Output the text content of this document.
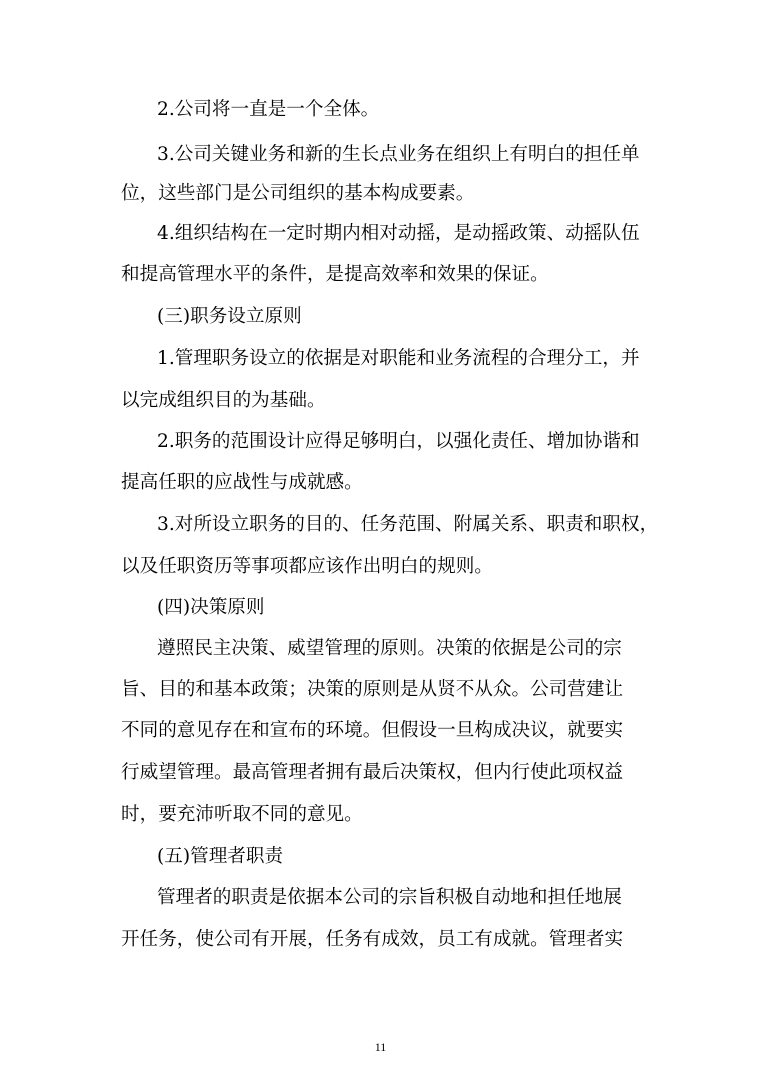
2.公司将一直是一个全体。
3.公司关键业务和新的生长点业务在组织上有明白的担任单
位，这些部门是公司组织的基本构成要素。
4.组织结构在一定时期内相对动摇，是动摇政策、动摇队伍
和提高管理水平的条件，是提高效率和效果的保证。
(三)职务设立原则
1.管理职务设立的依据是对职能和业务流程的合理分工，并
以完成组织目的为基础。
2.职务的范围设计应得足够明白，以强化责任、增加协谐和
提高任职的应战性与成就感。
3.对所设立职务的目的、任务范围、附属关系、职责和职权，
以及任职资历等事项都应该作出明白的规则。
(四)决策原则
遵照民主决策、威望管理的原则。决策的依据是公司的宗
旨、目的和基本政策；决策的原则是从贤不从众。公司营建让
不同的意见存在和宣布的环境。但假设一旦构成决议，就要实
行威望管理。最高管理者拥有最后决策权，但内行使此项权益
时，要充沛听取不同的意见。
(五)管理者职责
管理者的职责是依据本公司的宗旨积极自动地和担任地展
开任务，使公司有开展，任务有成效，员工有成就。管理者实
11
